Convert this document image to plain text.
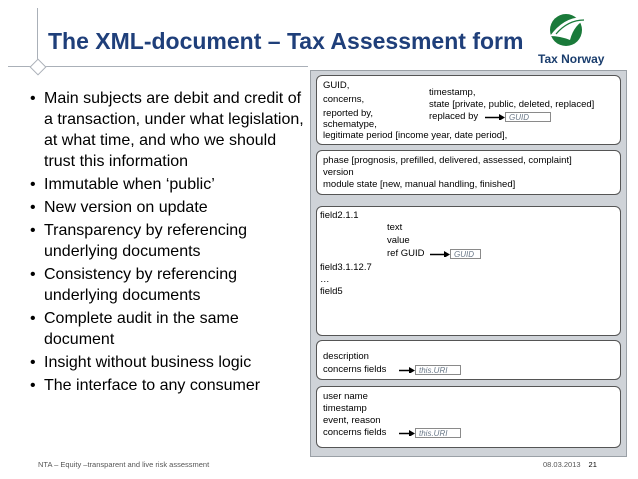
The XML-document – Tax Assessment form
Tax Norway
• Main subjects are debit and credit of a transaction, under what legislation, at what time, and who we should trust this information
• Immutable when ‘public’
• New version on update
• Transparency by referencing underlying documents
• Consistency by referencing underlying documents
• Complete audit in the same document
• Insight without business logic
• The interface to any consumer
GUID,
concerns,
reported by,
schematype,
timestamp,
state [private, public, deleted, replaced]
replaced by	GUID
legitimate period [income year, date period],
phase [prognosis, prefilled, delivered, assessed, complaint]
version
module state [new, manual handling, finished]
field2.1.1
text
value
ref GUID	GUID
field3.1.12.7
…
field5
description
concerns fields	this.URI
user name
timestamp
event, reason
concerns fields	this.URI
NTA – Equity –transparent and live risk assessment	08.03.2013 21
